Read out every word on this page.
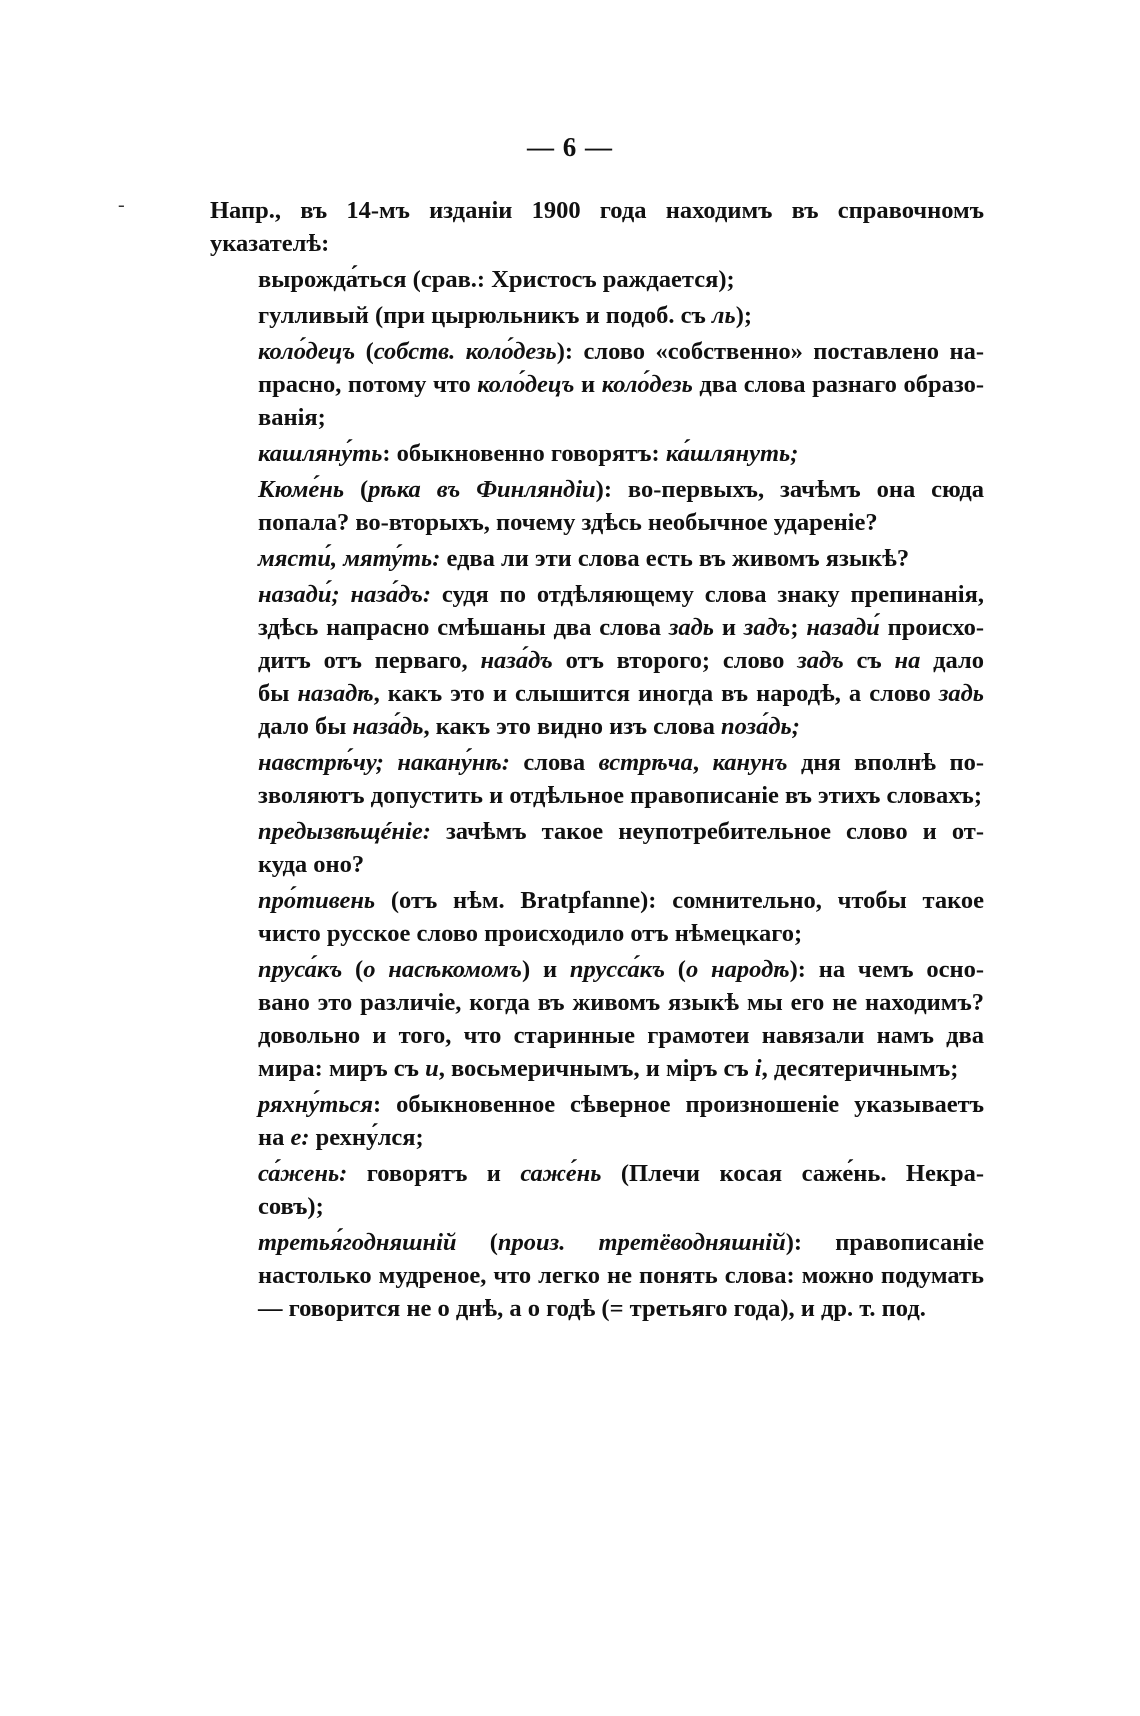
— 6 —
-	Напр., въ 14-мъ изданіи 1900 года находимъ въ справочномъ
указателѣ:

вырожда́ться (срав.: Христосъ раждается);

гулливый (при цырюльникъ и подоб. съ ль);

коло́децъ (собств. коло́дезь): слово «собственно» поставлено на-
прасно, потому что коло́децъ и коло́дезь два слова разнаго образо-
ванія;

кашляну́ть: обыкновенно говорятъ: ка́шлянуть;

Кюме́нь (рѣка въ Финляндіи): во-первыхъ, зачѣмъ она сюда
попала? во-вторыхъ, почему здѣсь необычное удареніе?

мясти́, мяту́ть: едва ли эти слова есть въ живомъ языкѣ?

назади́; наза́дъ: судя по отдѣляющему слова знаку препинанія,
здѣсь напрасно смѣшаны два слова задь и задъ; назади́ происхо-
дитъ отъ перваго, наза́дъ отъ второго; слово задъ съ на дало
бы назадѣ, какъ это и слышится иногда въ народѣ, а слово задь
дало бы наза́дь, какъ это видно изъ слова поза́дь;

навстрѣ́чу; накану́нѣ: слова встрѣча, канунъ дня вполнѣ по-
зволяютъ допустить и отдѣльное правописаніе въ этихъ словахъ;

предызвѣщéніе: зачѣмъ такое неупотребительное слово и от-
куда оно?

про́тивень (отъ нѣм. Bratpfanne): сомнительно, чтобы такое
чисто русское слово происходило отъ нѣмецкаго;

пруса́къ (о насѣкомомъ) и прусса́къ (о народѣ): на чемъ осно-
вано это различіе, когда въ живомъ языкѣ мы его не находимъ?
довольно и того, что старинные грамотеи навязали намъ два
мира: миръ съ и, восьмеричнымъ, и міръ съ і, десятеричнымъ;

ряхну́ться: обыкновенное сѣверное произношеніе указываетъ
на е: рехну́лся;

са́жень: говорятъ и саже́нь (Плечи косая саже́нь. Некра-
совъ);

третья́годняшній (произ. третёводняшній): правописаніе
настолько мудреное, что легко не понять слова: можно подумать
— говорится не о днѣ, а о годѣ (= третьяго года), и др. т. под.
